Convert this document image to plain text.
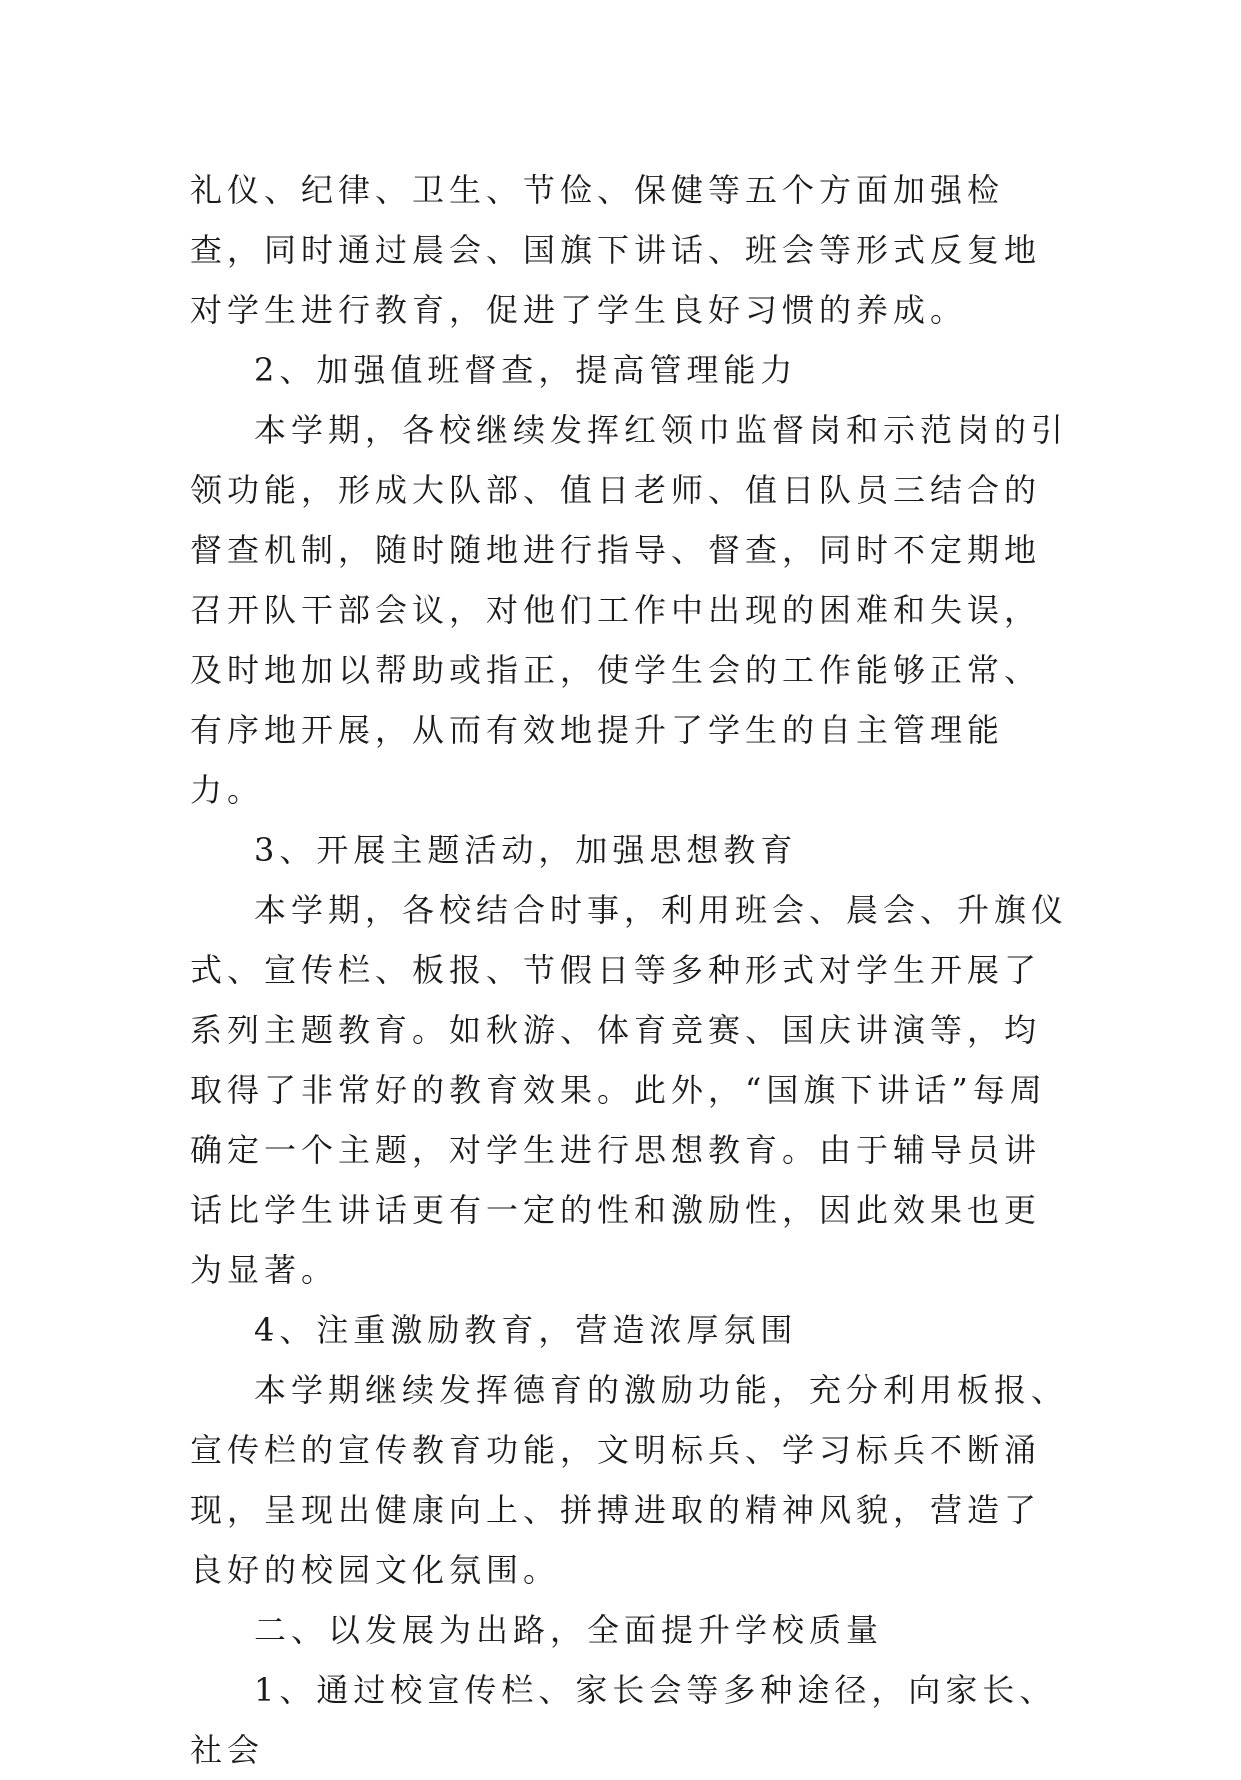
礼仪、纪律、卫生、节俭、保健等五个方面加强检查，同时通过晨会、国旗下讲话、班会等形式反复地对学生进行教育，促进了学生良好习惯的养成。

2、加强值班督查，提高管理能力

本学期，各校继续发挥红领巾监督岗和示范岗的引领功能，形成大队部、值日老师、值日队员三结合的督查机制，随时随地进行指导、督查，同时不定期地召开队干部会议，对他们工作中出现的困难和失误，及时地加以帮助或指正，使学生会的工作能够正常、有序地开展，从而有效地提升了学生的自主管理能力。

3、开展主题活动，加强思想教育

本学期，各校结合时事，利用班会、晨会、升旗仪式、宣传栏、板报、节假日等多种形式对学生开展了系列主题教育。如秋游、体育竞赛、国庆讲演等，均取得了非常好的教育效果。此外，“国旗下讲话”每周确定一个主题，对学生进行思想教育。由于辅导员讲话比学生讲话更有一定的性和激励性，因此效果也更为显著。

4、注重激励教育，营造浓厚氛围

本学期继续发挥德育的激励功能，充分利用板报、宣传栏的宣传教育功能，文明标兵、学习标兵不断涌现，呈现出健康向上、拼搏进取的精神风貌，营造了良好的校园文化氛围。

二、以发展为出路，全面提升学校质量

1、通过校宣传栏、家长会等多种途径，向家长、社会
